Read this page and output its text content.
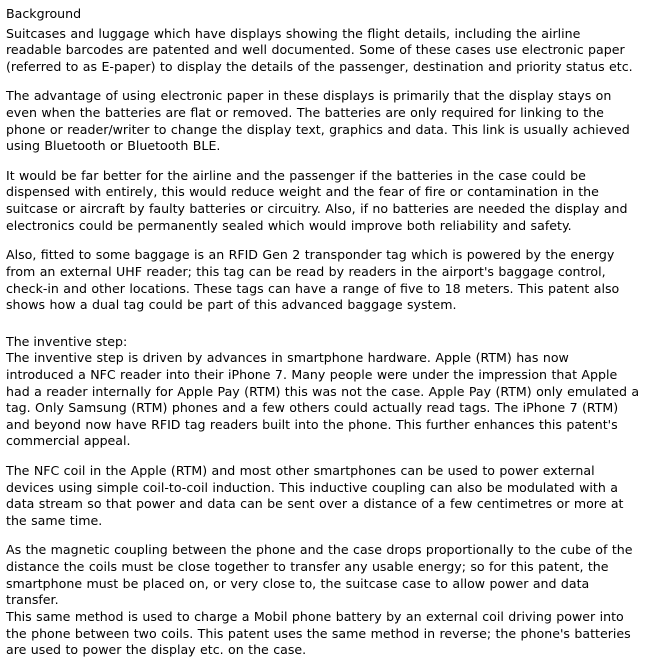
Background

Suitcases and luggage which have displays showing the flight details, including the airline readable barcodes are patented and well documented. Some of these cases use electronic paper (referred to as E-paper) to display the details of the passenger, destination and priority status etc.

The advantage of using electronic paper in these displays is primarily that the display stays on even when the batteries are flat or removed. The batteries are only required for linking to the phone or reader/writer to change the display text, graphics and data. This link is usually achieved using Bluetooth or Bluetooth BLE.

It would be far better for the airline and the passenger if the batteries in the case could be dispensed with entirely, this would reduce weight and the fear of fire or contamination in the suitcase or aircraft by faulty batteries or circuitry. Also, if no batteries are needed the display and electronics could be permanently sealed which would improve both reliability and safety.

Also, fitted to some baggage is an RFID Gen 2 transponder tag which is powered by the energy from an external UHF reader; this tag can be read by readers in the airport's baggage control, check-in and other locations. These tags can have a range of five to 18 meters. This patent also shows how a dual tag could be part of this advanced baggage system.

The inventive step:

The inventive step is driven by advances in smartphone hardware. Apple (RTM) has now introduced a NFC reader into their iPhone 7. Many people were under the impression that Apple had a reader internally for Apple Pay (RTM) this was not the case. Apple Pay (RTM) only emulated a tag. Only Samsung (RTM) phones and a few others could actually read tags. The iPhone 7 (RTM) and beyond now have RFID tag readers built into the phone. This further enhances this patent's commercial appeal.

The NFC coil in the Apple (RTM) and most other smartphones can be used to power external devices using simple coil-to-coil induction. This inductive coupling can also be modulated with a data stream so that power and data can be sent over a distance of a few centimetres or more at the same time.

As the magnetic coupling between the phone and the case drops proportionally to the cube of the distance the coils must be close together to transfer any usable energy; so for this patent, the smartphone must be placed on, or very close to, the suitcase case to allow power and data transfer.

This same method is used to charge a Mobil phone battery by an external coil driving power into the phone between two coils. This patent uses the same method in reverse; the phone's batteries are used to power the display etc. on the case.
